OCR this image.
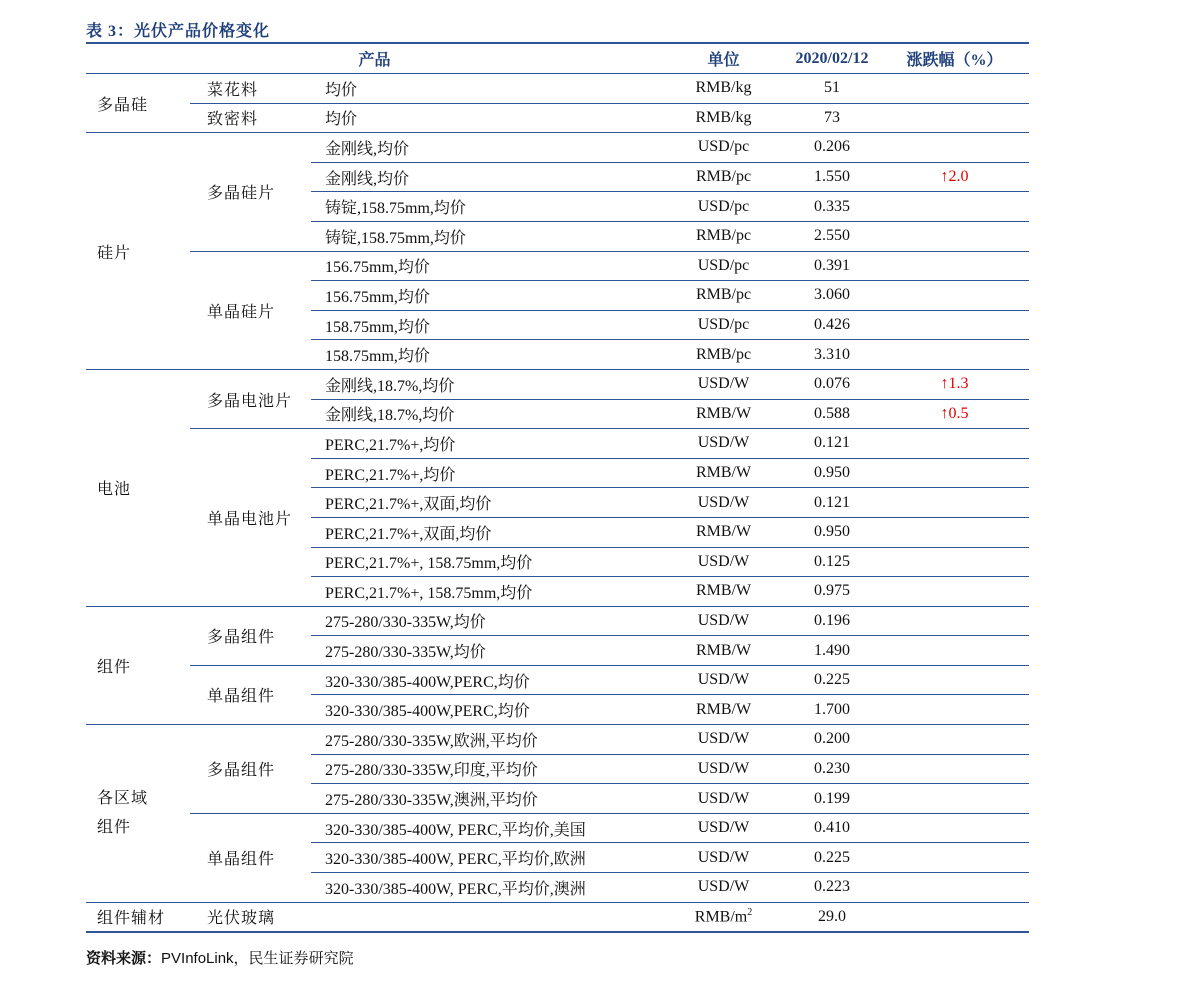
表 3：光伏产品价格变化
产品			单位	2020/02/12	涨跌幅（%）
多晶硅	菜花料	均价	RMB/kg	51	
	致密料	均价	RMB/kg	73	
硅片	多晶硅片	金刚线,均价	USD/pc	0.206	
		金刚线,均价	RMB/pc	1.550	↑2.0
		铸锭,158.75mm,均价	USD/pc	0.335	
		铸锭,158.75mm,均价	RMB/pc	2.550	
	单晶硅片	156.75mm,均价	USD/pc	0.391	
		156.75mm,均价	RMB/pc	3.060	
		158.75mm,均价	USD/pc	0.426	
		158.75mm,均价	RMB/pc	3.310	
电池	多晶电池片	金刚线,18.7%,均价	USD/W	0.076	↑1.3
		金刚线,18.7%,均价	RMB/W	0.588	↑0.5
	单晶电池片	PERC,21.7%+,均价	USD/W	0.121	
		PERC,21.7%+,均价	RMB/W	0.950	
		PERC,21.7%+,双面,均价	USD/W	0.121	
		PERC,21.7%+,双面,均价	RMB/W	0.950	
		PERC,21.7%+, 158.75mm,均价	USD/W	0.125	
		PERC,21.7%+, 158.75mm,均价	RMB/W	0.975	
组件	多晶组件	275-280/330-335W,均价	USD/W	0.196	
		275-280/330-335W,均价	RMB/W	1.490	
	单晶组件	320-330/385-400W,PERC,均价	USD/W	0.225	
		320-330/385-400W,PERC,均价	RMB/W	1.700	
各区域
组件	多晶组件	275-280/330-335W,欧洲,平均价	USD/W	0.200	
		275-280/330-335W,印度,平均价	USD/W	0.230	
		275-280/330-335W,澳洲,平均价	USD/W	0.199	
	单晶组件	320-330/385-400W, PERC,平均价,美国	USD/W	0.410	
		320-330/385-400W, PERC,平均价,欧洲	USD/W	0.225	
		320-330/385-400W, PERC,平均价,澳洲	USD/W	0.223	
组件辅材	光伏玻璃		RMB/$m^2$	29.0	
资料来源：PVInfoLink，民生证券研究院
